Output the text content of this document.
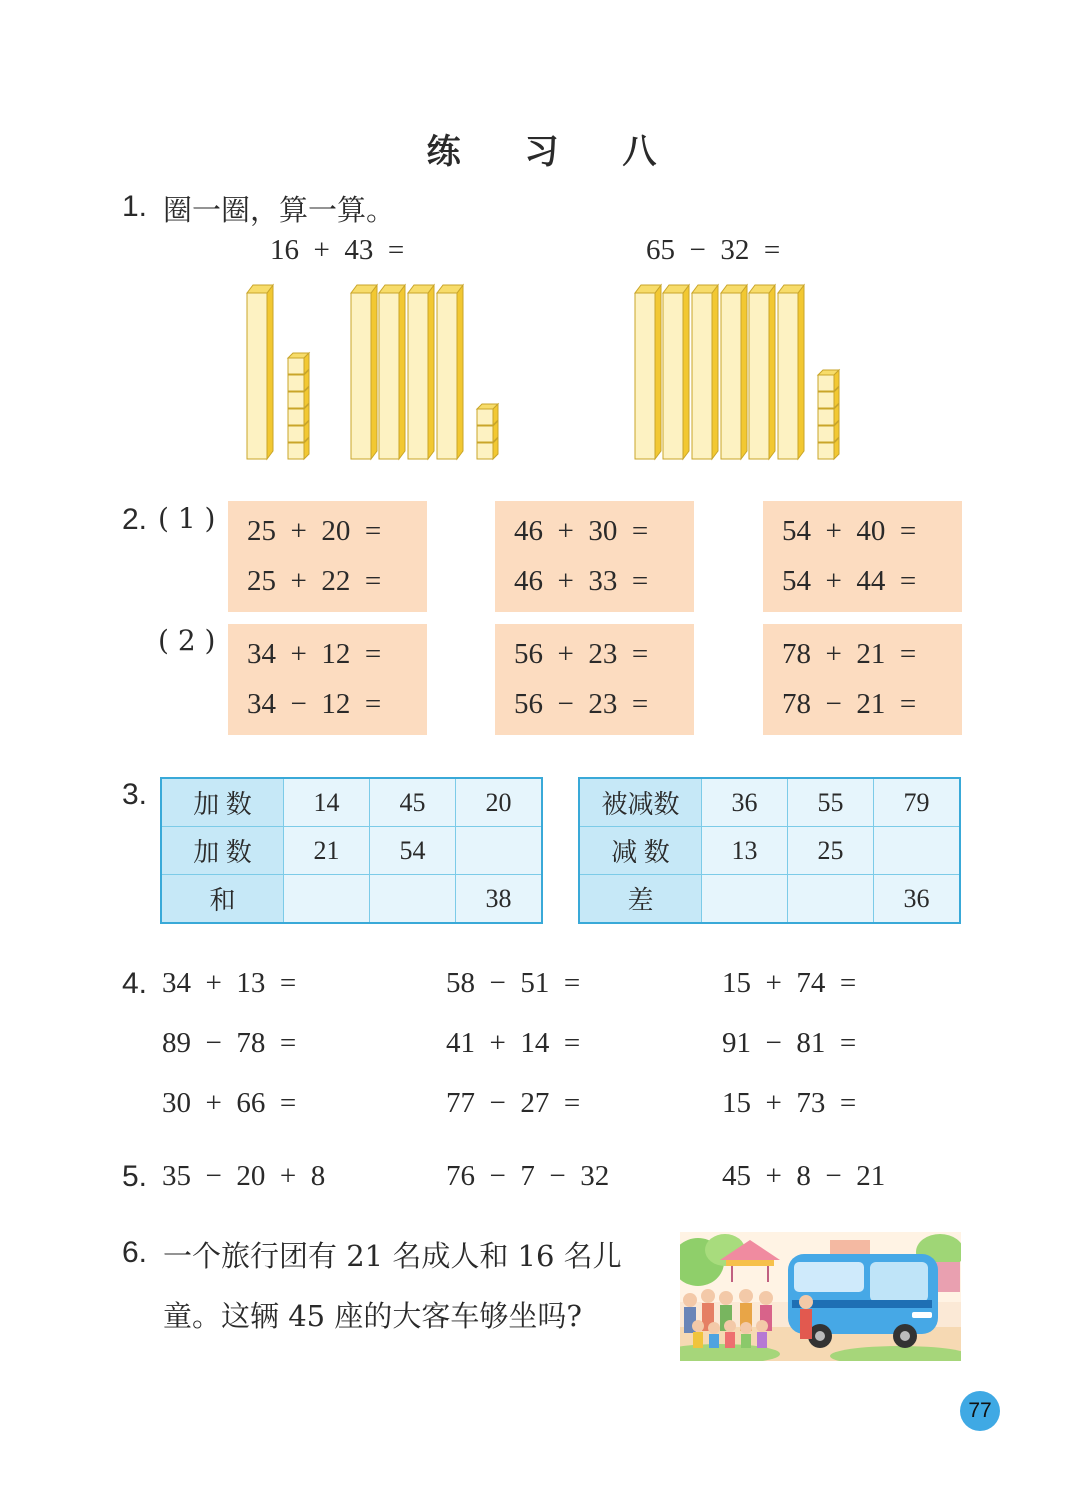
练 习 八
1. 圈一圈，算一算。
16  +  43  =	65  −  32  =
2. ( 1 )
( 2 )
25  +  20  =
25  +  22  =
46  +  30  =
46  +  33  =
54  +  40  =
54  +  44  =
34  +  12  =
34  −  12  =
56  +  23  =
56  −  23  =
78  +  21  =
78  −  21  =
3. 加 数	14	45	20
加 数	21	54	
和			38
被减数	36	55	79
减 数	13	25	
差			36
4. 34  +  13  =	58  −  51  =	15  +  74  =
89  −  78  =	41  +  14  =	91  −  81  =
30  +  66  =	77  −  27  =	15  +  73  =
5. 35  −  20  +  8	76  −  7  −  32	45  +  8  −  21
6. 一个旅行团有 21 名成人和 16 名儿
童。这辆 45 座的大客车够坐吗?
77
